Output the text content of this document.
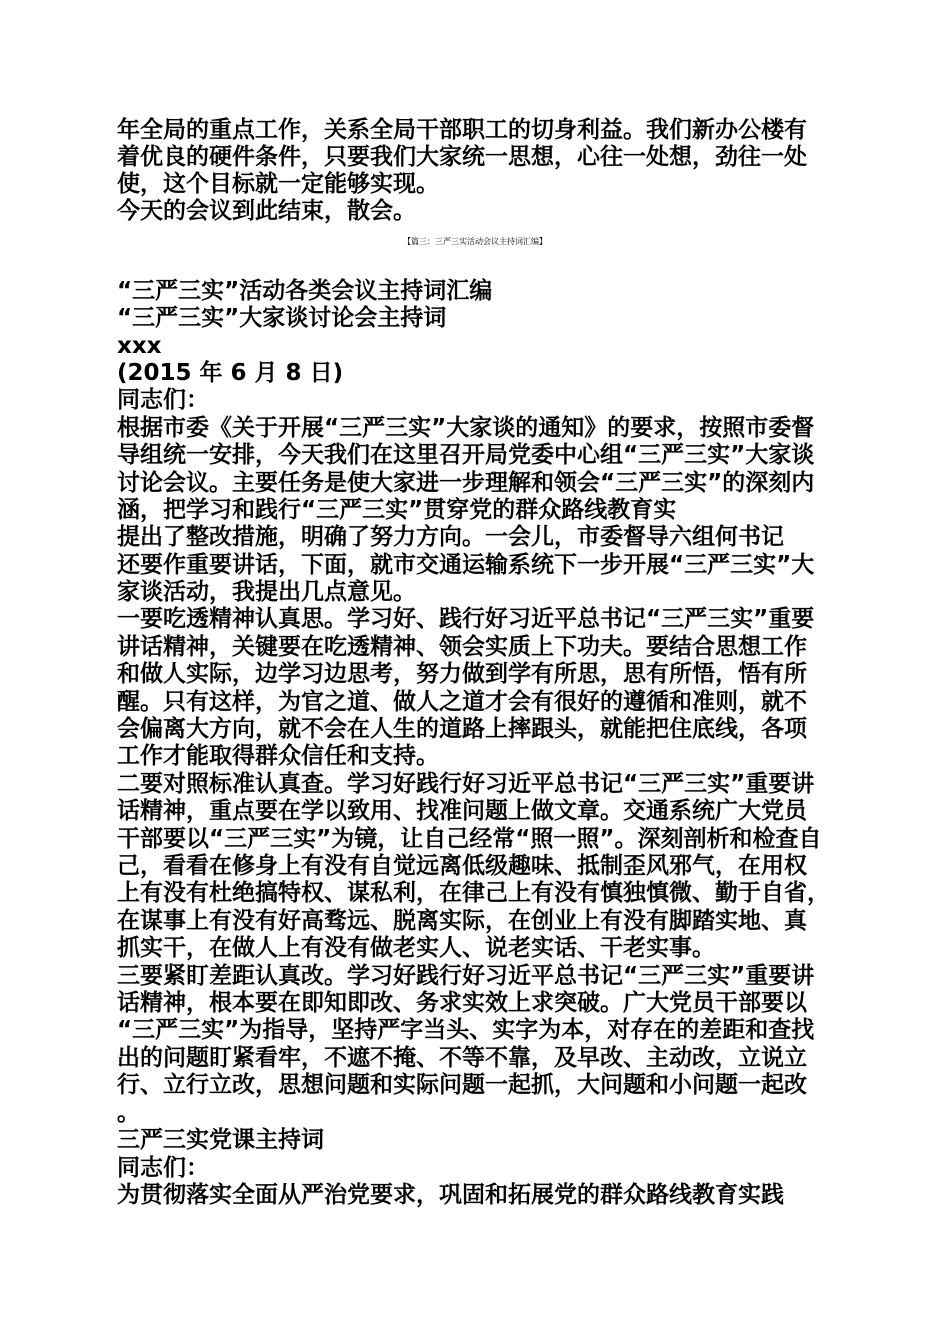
年全局的重点工作，关系全局干部职工的切身利益。我们新办公楼有
着优良的硬件条件，只要我们大家统一思想，心往一处想，劲往一处
使，这个目标就一定能够实现。
今天的会议到此结束，散会。
【篇三：三严三实活动会议主持词汇编】
“三严三实”活动各类会议主持词汇编
“三严三实”大家谈讨论会主持词
xxx
(2015 年 6 月 8 日)
同志们：
根据市委《关于开展“三严三实”大家谈的通知》的要求，按照市委督
导组统一安排，今天我们在这里召开局党委中心组“三严三实”大家谈
讨论会议。主要任务是使大家进一步理解和领会“三严三实”的深刻内
涵，把学习和践行“三严三实”贯穿党的群众路线教育实
提出了整改措施，明确了努力方向。一会儿，市委督导六组何书记
还要作重要讲话，下面，就市交通运输系统下一步开展“三严三实”大
家谈活动，我提出几点意见。
一要吃透精神认真思。学习好、践行好习近平总书记“三严三实”重要
讲话精神，关键要在吃透精神、领会实质上下功夫。要结合思想工作
和做人实际，边学习边思考，努力做到学有所思，思有所悟，悟有所
醒。只有这样，为官之道、做人之道才会有很好的遵循和准则，就不
会偏离大方向，就不会在人生的道路上摔跟头，就能把住底线，各项
工作才能取得群众信任和支持。
二要对照标准认真查。学习好践行好习近平总书记“三严三实”重要讲
话精神，重点要在学以致用、找准问题上做文章。交通系统广大党员
干部要以“三严三实”为镜，让自己经常“照一照”。深刻剖析和检查自
己，看看在修身上有没有自觉远离低级趣味、抵制歪风邪气，在用权
上有没有杜绝搞特权、谋私利，在律己上有没有慎独慎微、勤于自省，
在谋事上有没有好高骛远、脱离实际，在创业上有没有脚踏实地、真
抓实干，在做人上有没有做老实人、说老实话、干老实事。
三要紧盯差距认真改。学习好践行好习近平总书记“三严三实”重要讲
话精神，根本要在即知即改、务求实效上求突破。广大党员干部要以
“三严三实”为指导，坚持严字当头、实字为本，对存在的差距和查找
出的问题盯紧看牢，不遮不掩、不等不靠，及早改、主动改，立说立
行、立行立改，思想问题和实际问题一起抓，大问题和小问题一起改
。
三严三实党课主持词
同志们：
为贯彻落实全面从严治党要求，巩固和拓展党的群众路线教育实践
